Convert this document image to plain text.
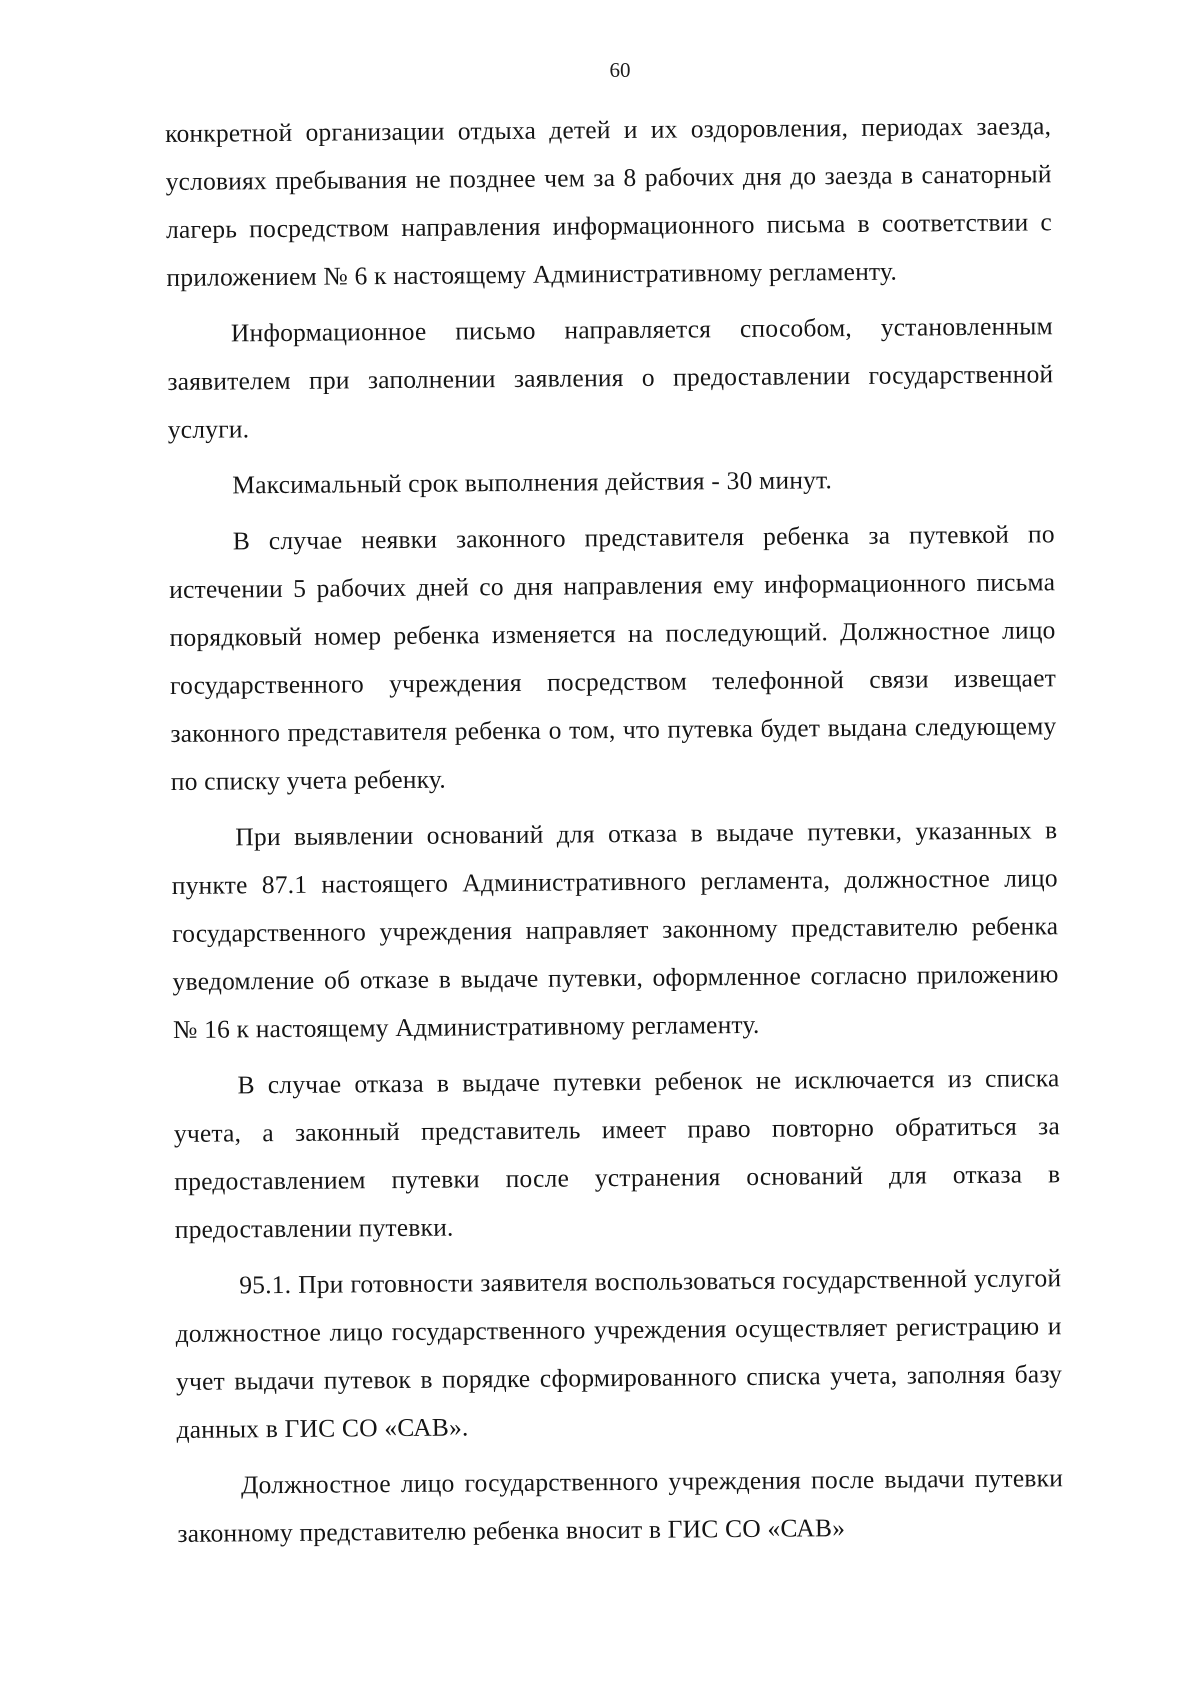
60

конкретной организации отдыха детей и их оздоровления, периодах заезда, условиях пребывания не позднее чем за 8 рабочих дня до заезда в санаторный лагерь посредством направления информационного письма в соответствии с приложением № 6 к настоящему Административному регламенту.

Информационное письмо направляется способом, установленным заявителем при заполнении заявления о предоставлении государственной услуги.

Максимальный срок выполнения действия - 30 минут.

В случае неявки законного представителя ребенка за путевкой по истечении 5 рабочих дней со дня направления ему информационного письма порядковый номер ребенка изменяется на последующий. Должностное лицо государственного учреждения посредством телефонной связи извещает законного представителя ребенка о том, что путевка будет выдана следующему по списку учета ребенку.

При выявлении оснований для отказа в выдаче путевки, указанных в пункте 87.1 настоящего Административного регламента, должностное лицо государственного учреждения направляет законному представителю ребенка уведомление об отказе в выдаче путевки, оформленное согласно приложению № 16 к настоящему Административному регламенту.

В случае отказа в выдаче путевки ребенок не исключается из списка учета, а законный представитель имеет право повторно обратиться за предоставлением путевки после устранения оснований для отказа в предоставлении путевки.

95.1. При готовности заявителя воспользоваться государственной услугой должностное лицо государственного учреждения осуществляет регистрацию и учет выдачи путевок в порядке сформированного списка учета, заполняя базу данных в ГИС СО «САВ».

Должностное лицо государственного учреждения после выдачи путевки законному представителю ребенка вносит в ГИС СО «САВ»
